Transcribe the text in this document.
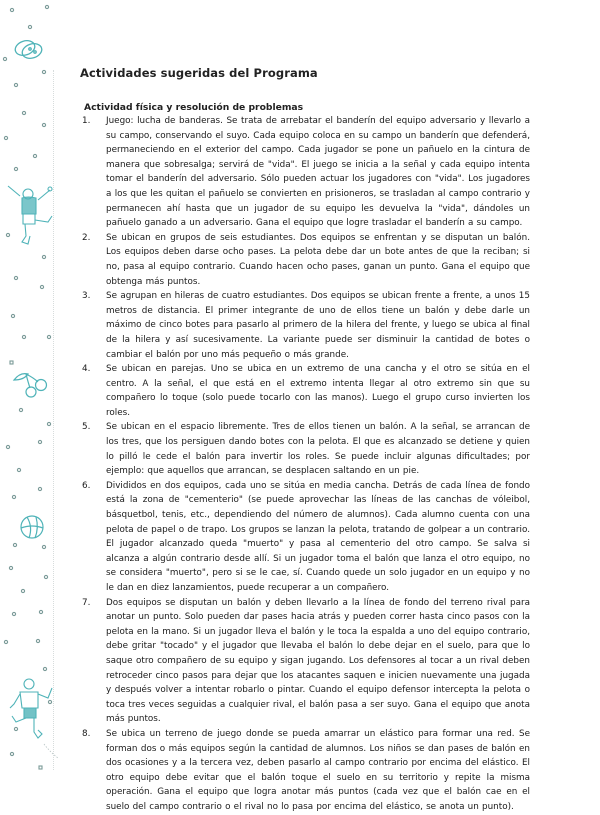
Actividades sugeridas del Programa
Actividad física y resolución de problemas
1. Juego: lucha de banderas. Se trata de arrebatar el banderín del equipo adversario y llevarlo a su campo, conservando el suyo. Cada equipo coloca en su campo un banderín que defenderá, permaneciendo en el exterior del campo. Cada jugador se pone un pañuelo en la cintura de manera que sobresalga; servirá de "vida". El juego se inicia a la señal y cada equipo intenta tomar el banderín del adversario. Sólo pueden actuar los jugadores con "vida". Los jugadores a los que les quitan el pañuelo se convierten en prisioneros, se trasladan al campo contrario y permanecen ahí hasta que un jugador de su equipo les devuelva la "vida", dándoles un pañuelo ganado a un adversario. Gana el equipo que logre trasladar el banderín a su campo.
2. Se ubican en grupos de seis estudiantes. Dos equipos se enfrentan y se disputan un balón. Los equipos deben darse ocho pases. La pelota debe dar un bote antes de que la reciban; si no, pasa al equipo contrario. Cuando hacen ocho pases, ganan un punto. Gana el equipo que obtenga más puntos.
3. Se agrupan en hileras de cuatro estudiantes. Dos equipos se ubican frente a frente, a unos 15 metros de distancia. El primer integrante de uno de ellos tiene un balón y debe darle un máximo de cinco botes para pasarlo al primero de la hilera del frente, y luego se ubica al final de la hilera y así sucesivamente. La variante puede ser disminuir la cantidad de botes o cambiar el balón por uno más pequeño o más grande.
4. Se ubican en parejas. Uno se ubica en un extremo de una cancha y el otro se sitúa en el centro. A la señal, el que está en el extremo intenta llegar al otro extremo sin que su compañero lo toque (solo puede tocarlo con las manos). Luego el grupo curso invierten los roles.
5. Se ubican en el espacio libremente. Tres de ellos tienen un balón. A la señal, se arrancan de los tres, que los persiguen dando botes con la pelota. El que es alcanzado se detiene y quien lo pilló le cede el balón para invertir los roles. Se puede incluir algunas dificultades; por ejemplo: que aquellos que arrancan, se desplacen saltando en un pie.
6. Divididos en dos equipos, cada uno se sitúa en media cancha. Detrás de cada línea de fondo está la zona de "cementerio" (se puede aprovechar las líneas de las canchas de vóleibol, básquetbol, tenis, etc., dependiendo del número de alumnos). Cada alumno cuenta con una pelota de papel o de trapo. Los grupos se lanzan la pelota, tratando de golpear a un contrario. El jugador alcanzado queda "muerto" y pasa al cementerio del otro campo. Se salva si alcanza a algún contrario desde allí. Si un jugador toma el balón que lanza el otro equipo, no se considera "muerto", pero si se le cae, sí. Cuando quede un solo jugador en un equipo y no le dan en diez lanzamientos, puede recuperar a un compañero.
7. Dos equipos se disputan un balón y deben llevarlo a la línea de fondo del terreno rival para anotar un punto. Solo pueden dar pases hacia atrás y pueden correr hasta cinco pasos con la pelota en la mano. Si un jugador lleva el balón y le toca la espalda a uno del equipo contrario, debe gritar "tocado" y el jugador que llevaba el balón lo debe dejar en el suelo, para que lo saque otro compañero de su equipo y sigan jugando. Los defensores al tocar a un rival deben retroceder cinco pasos para dejar que los atacantes saquen e inicien nuevamente una jugada y después volver a intentar robarlo o pintar. Cuando el equipo defensor intercepta la pelota o toca tres veces seguidas a cualquier rival, el balón pasa a ser suyo. Gana el equipo que anota más puntos.
8. Se ubica un terreno de juego donde se pueda amarrar un elástico para formar una red. Se forman dos o más equipos según la cantidad de alumnos. Los niños se dan pases de balón en dos ocasiones y a la tercera vez, deben pasarlo al campo contrario por encima del elástico. El otro equipo debe evitar que el balón toque el suelo en su territorio y repite la misma operación. Gana el equipo que logra anotar más puntos (cada vez que el balón cae en el suelo del campo contrario o el rival no lo pasa por encima del elástico, se anota un punto).
